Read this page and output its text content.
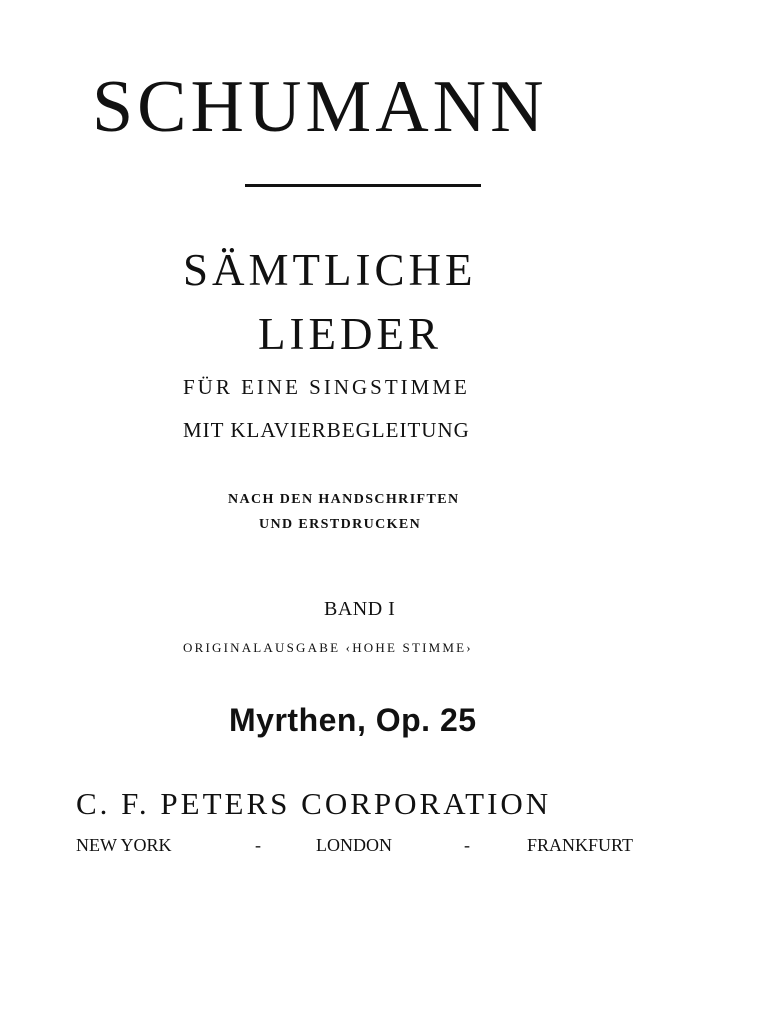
SCHUMANN
SÄMTLICHE
LIEDER
FÜR EINE SINGSTIMME
MIT KLAVIERBEGLEITUNG
NACH DEN HANDSCHRIFTEN
UND ERSTDRUCKEN
BAND I
ORIGINALAUSGABE ‹HOHE STIMME›
Myrthen, Op. 25
C. F. PETERS CORPORATION
NEW YORK	-	LONDON	-	FRANKFURT
